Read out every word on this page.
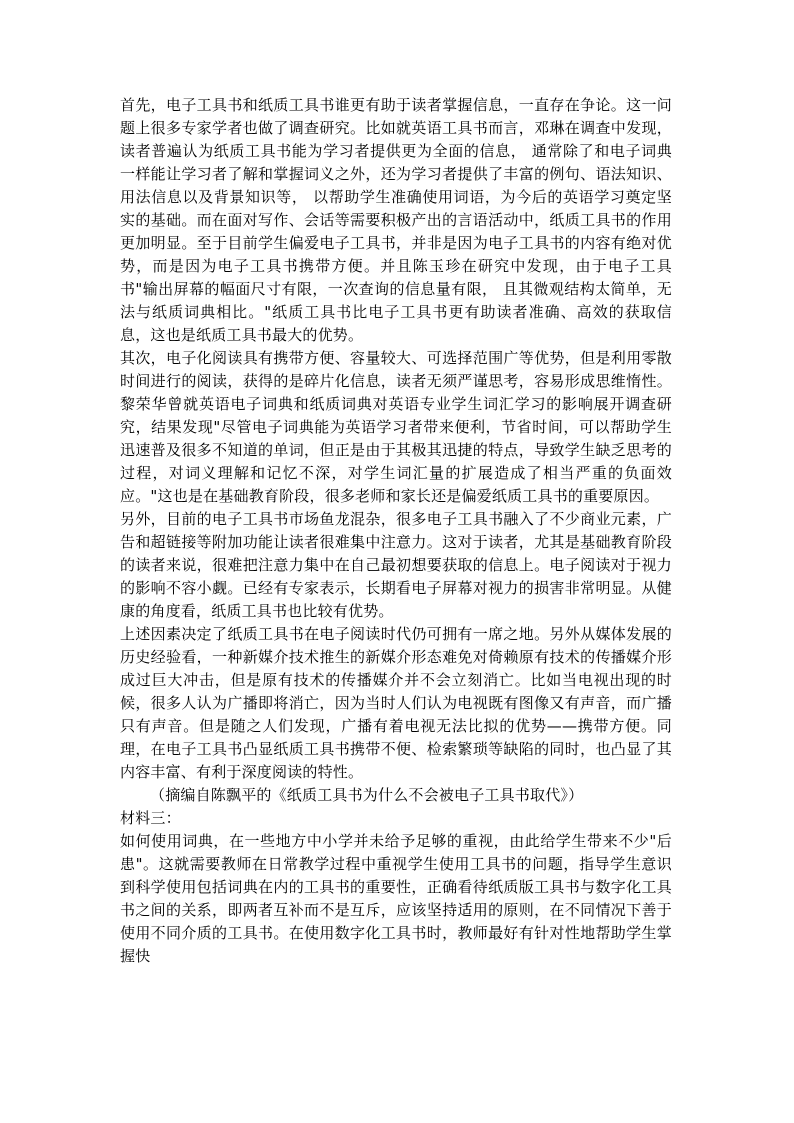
首先，电子工具书和纸质工具书谁更有助于读者掌握信息，一直存在争论。这一问题上很多专家学者也做了调查研究。比如就英语工具书而言，邓琳在调查中发现，读者普遍认为纸质工具书能为学习者提供更为全面的信息， 通常除了和电子词典一样能让学习者了解和掌握词义之外，还为学习者提供了丰富的例句、语法知识、用法信息以及背景知识等， 以帮助学生准确使用词语，为今后的英语学习奠定坚实的基础。而在面对写作、会话等需要积极产出的言语活动中，纸质工具书的作用更加明显。至于目前学生偏爱电子工具书，并非是因为电子工具书的内容有绝对优势，而是因为电子工具书携带方便。并且陈玉珍在研究中发现，由于电子工具书"输出屏幕的幅面尺寸有限，一次查询的信息量有限， 且其微观结构太简单，无法与纸质词典相比。"纸质工具书比电子工具书更有助读者准确、高效的获取信息，这也是纸质工具书最大的优势。

其次，电子化阅读具有携带方便、容量较大、可选择范围广等优势，但是利用零散时间进行的阅读，获得的是碎片化信息，读者无须严谨思考，容易形成思维惰性。黎荣华曾就英语电子词典和纸质词典对英语专业学生词汇学习的影响展开调查研究，结果发现"尽管电子词典能为英语学习者带来便利，节省时间，可以帮助学生迅速普及很多不知道的单词，但正是由于其极其迅捷的特点，导致学生缺乏思考的过程，对词义理解和记忆不深，对学生词汇量的扩展造成了相当严重的负面效应。"这也是在基础教育阶段，很多老师和家长还是偏爱纸质工具书的重要原因。

另外，目前的电子工具书市场鱼龙混杂，很多电子工具书融入了不少商业元素，广告和超链接等附加功能让读者很难集中注意力。这对于读者，尤其是基础教育阶段的读者来说，很难把注意力集中在自己最初想要获取的信息上。电子阅读对于视力的影响不容小觑。已经有专家表示，长期看电子屏幕对视力的损害非常明显。从健康的角度看，纸质工具书也比较有优势。

上述因素决定了纸质工具书在电子阅读时代仍可拥有一席之地。另外从媒体发展的历史经验看，一种新媒介技术推生的新媒介形态难免对倚赖原有技术的传播媒介形成过巨大冲击，但是原有技术的传播媒介并不会立刻消亡。比如当电视出现的时候，很多人认为广播即将消亡，因为当时人们认为电视既有图像又有声音，而广播只有声音。但是随之人们发现，广播有着电视无法比拟的优势——携带方便。同理，在电子工具书凸显纸质工具书携带不便、检索繁琐等缺陷的同时，也凸显了其内容丰富、有利于深度阅读的特性。

（摘编自陈飘平的《纸质工具书为什么不会被电子工具书取代》）

材料三：

如何使用词典，在一些地方中小学并未给予足够的重视，由此给学生带来不少"后患"。这就需要教师在日常教学过程中重视学生使用工具书的问题，指导学生意识到科学使用包括词典在内的工具书的重要性，正确看待纸质版工具书与数字化工具书之间的关系，即两者互补而不是互斥，应该坚持适用的原则，在不同情况下善于使用不同介质的工具书。在使用数字化工具书时，教师最好有针对性地帮助学生掌握快
